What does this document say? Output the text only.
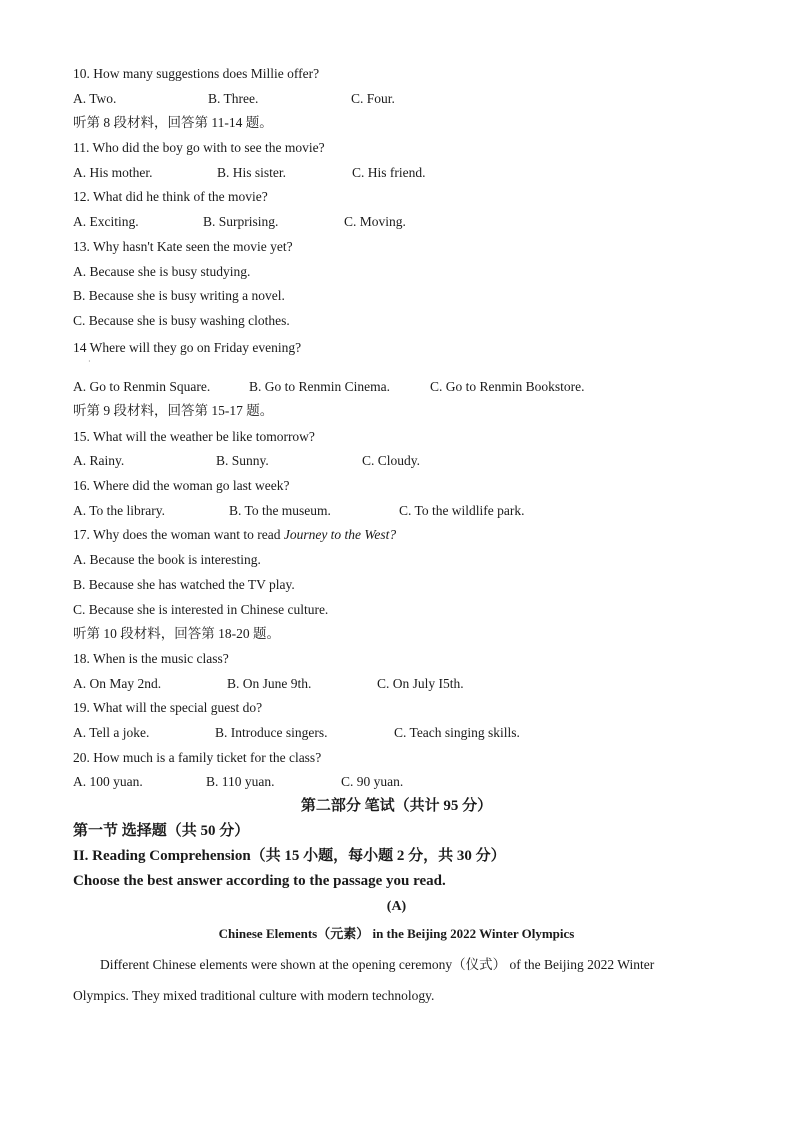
10. How many suggestions does Millie offer?
A. Two.	B. Three.	C. Four.
听第 8 段材料，回答第 11-14 题。
11. Who did the boy go with to see the movie?
A. His mother.	B. His sister.	C. His friend.
12. What did he think of the movie?
A. Exciting.	B. Surprising.	C. Moving.
13. Why hasn't Kate seen the movie yet?
A. Because she is busy studying.
B. Because she is busy writing a novel.
C. Because she is busy washing clothes.
14 Where will they go on Friday evening?
·
A. Go to Renmin Square.	B. Go to Renmin Cinema.	C. Go to Renmin Bookstore.
听第 9 段材料，回答第 15-17 题。
15. What will the weather be like tomorrow?
A. Rainy.	B. Sunny.	C. Cloudy.
16. Where did the woman go last week?
A. To the library.	B. To the museum.	C. To the wildlife park.
17. Why does the woman want to read Journey to the West?
A. Because the book is interesting.
B. Because she has watched the TV play.
C. Because she is interested in Chinese culture.
听第 10 段材料，回答第 18-20 题。
18. When is the music class?
A. On May 2nd.	B. On June 9th.	C. On July I5th.
19. What will the special guest do?
A. Tell a joke.	B. Introduce singers.	C. Teach singing skills.
20. How much is a family ticket for the class?
A. 100 yuan.	B. 110 yuan.	C. 90 yuan.
第二部分 笔试（共计 95 分）
第一节 选择题（共 50 分）
II. Reading Comprehension（共 15 小题，每小题 2 分，共 30 分）
Choose the best answer according to the passage you read.
(A)
Chinese Elements（元素） in the Beijing 2022 Winter Olympics
Different Chinese elements were shown at the opening ceremony（仪式） of the Beijing 2022 Winter
Olympics. They mixed traditional culture with modern technology.
